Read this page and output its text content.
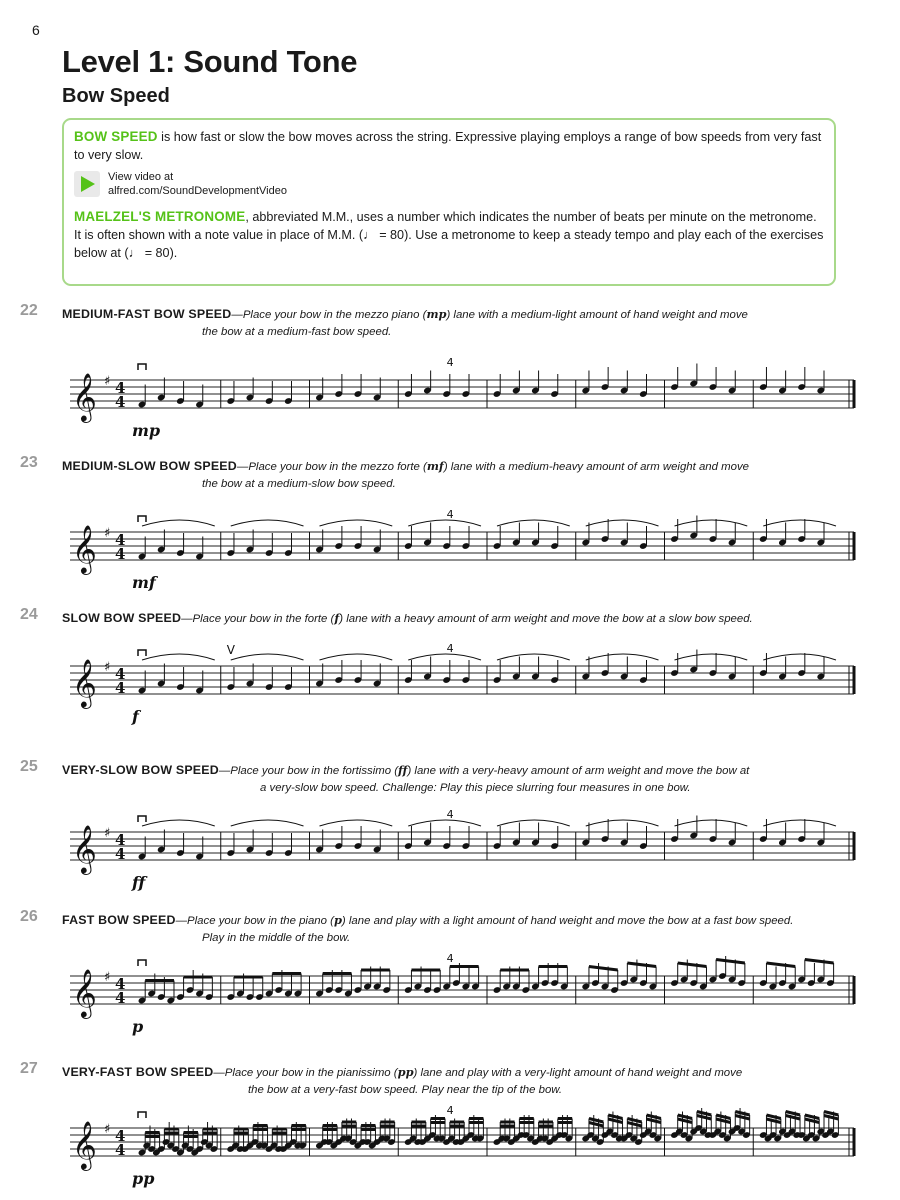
6
Level 1: Sound Tone
Bow Speed

BOW SPEED is how fast or slow the bow moves across the string. Expressive playing employs a range of bow speeds from very fast to very slow.

View video at
alfred.com/SoundDevelopmentVideo

MAELZEL'S METRONOME, abbreviated M.M., uses a number which indicates the number of beats per minute on the metronome. It is often shown with a note value in place of M.M. (♩ = 80). Use a metronome to keep a steady tempo and play each of the exercises below at (♩ = 80).

22 MEDIUM-FAST BOW SPEED—Place your bow in the mezzo piano (mp) lane with a medium-light amount of hand weight and move
the bow at a medium-fast bow speed.
𝄞 ♯ 4
4
4
mp
23 MEDIUM-SLOW BOW SPEED—Place your bow in the mezzo forte (mf) lane with a medium-heavy amount of arm weight and move
the bow at a medium-slow bow speed.
𝄞 ♯ 4
4
4
mf
24 SLOW BOW SPEED—Place your bow in the forte (f) lane with a heavy amount of arm weight and move the bow at a slow bow speed.
𝄞 ♯ 4
4
4
f
V
25 VERY-SLOW BOW SPEED—Place your bow in the fortissimo (ff) lane with a very-heavy amount of arm weight and move the bow at
a very-slow bow speed. Challenge: Play this piece slurring four measures in one bow.
𝄞 ♯ 4
4
4
ff
26 FAST BOW SPEED—Place your bow in the piano (p) lane and play with a light amount of hand weight and move the bow at a fast bow speed.
Play in the middle of the bow.
𝄞 ♯ 4
4
4
p
27 VERY-FAST BOW SPEED—Place your bow in the pianissimo (pp) lane and play with a very-light amount of hand weight and move
the bow at a very-fast bow speed. Play near the tip of the bow.
𝄞 ♯ 4
4
4
pp
